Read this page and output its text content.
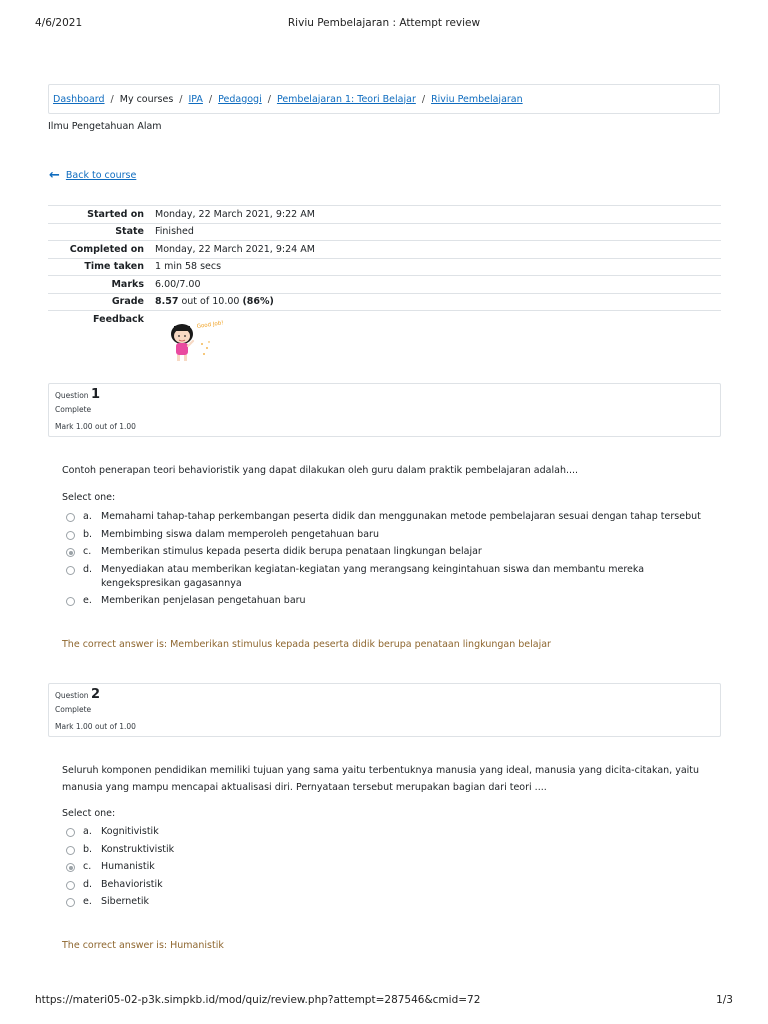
4/6/2021	Riviu Pembelajaran : Attempt review
Dashboard / My courses / IPA / Pedagogi / Pembelajaran 1: Teori Belajar / Riviu Pembelajaran
Ilmu Pengetahuan Alam
← Back to course
Started on	Monday, 22 March 2021, 9:22 AM
State	Finished
Completed on	Monday, 22 March 2021, 9:24 AM
Time taken	1 min 58 secs
Marks	6.00/7.00
Grade	8.57 out of 10.00 (86%)
Feedback	Good Job!
Question 1
Complete
Mark 1.00 out of 1.00
Contoh penerapan teori behavioristik yang dapat dilakukan oleh guru dalam praktik pembelajaran adalah....
Select one:
a. Memahami tahap-tahap perkembangan peserta didik dan menggunakan metode pembelajaran sesuai dengan tahap tersebut
b. Membimbing siswa dalam memperoleh pengetahuan baru
c.	Memberikan stimulus kepada peserta didik berupa penataan lingkungan belajar
d. Menyediakan atau memberikan kegiatan-kegiatan yang merangsang keingintahuan siswa dan membantu mereka kengekspresikan gagasannya
e. Memberikan penjelasan pengetahuan baru
The correct answer is: Memberikan stimulus kepada peserta didik berupa penataan lingkungan belajar
Question 2
Complete
Mark 1.00 out of 1.00
Seluruh komponen pendidikan memiliki tujuan yang sama yaitu terbentuknya manusia yang ideal, manusia yang dicita-citakan, yaitu manusia yang mampu mencapai aktualisasi diri. Pernyataan tersebut merupakan bagian dari teori ....
Select one:
a. Kognitivistik
b. Konstruktivistik
c.	Humanistik
d. Behavioristik
e. Sibernetik
The correct answer is: Humanistik
https://materi05-02-p3k.simpkb.id/mod/quiz/review.php?attempt=287546&cmid=72	1/3
